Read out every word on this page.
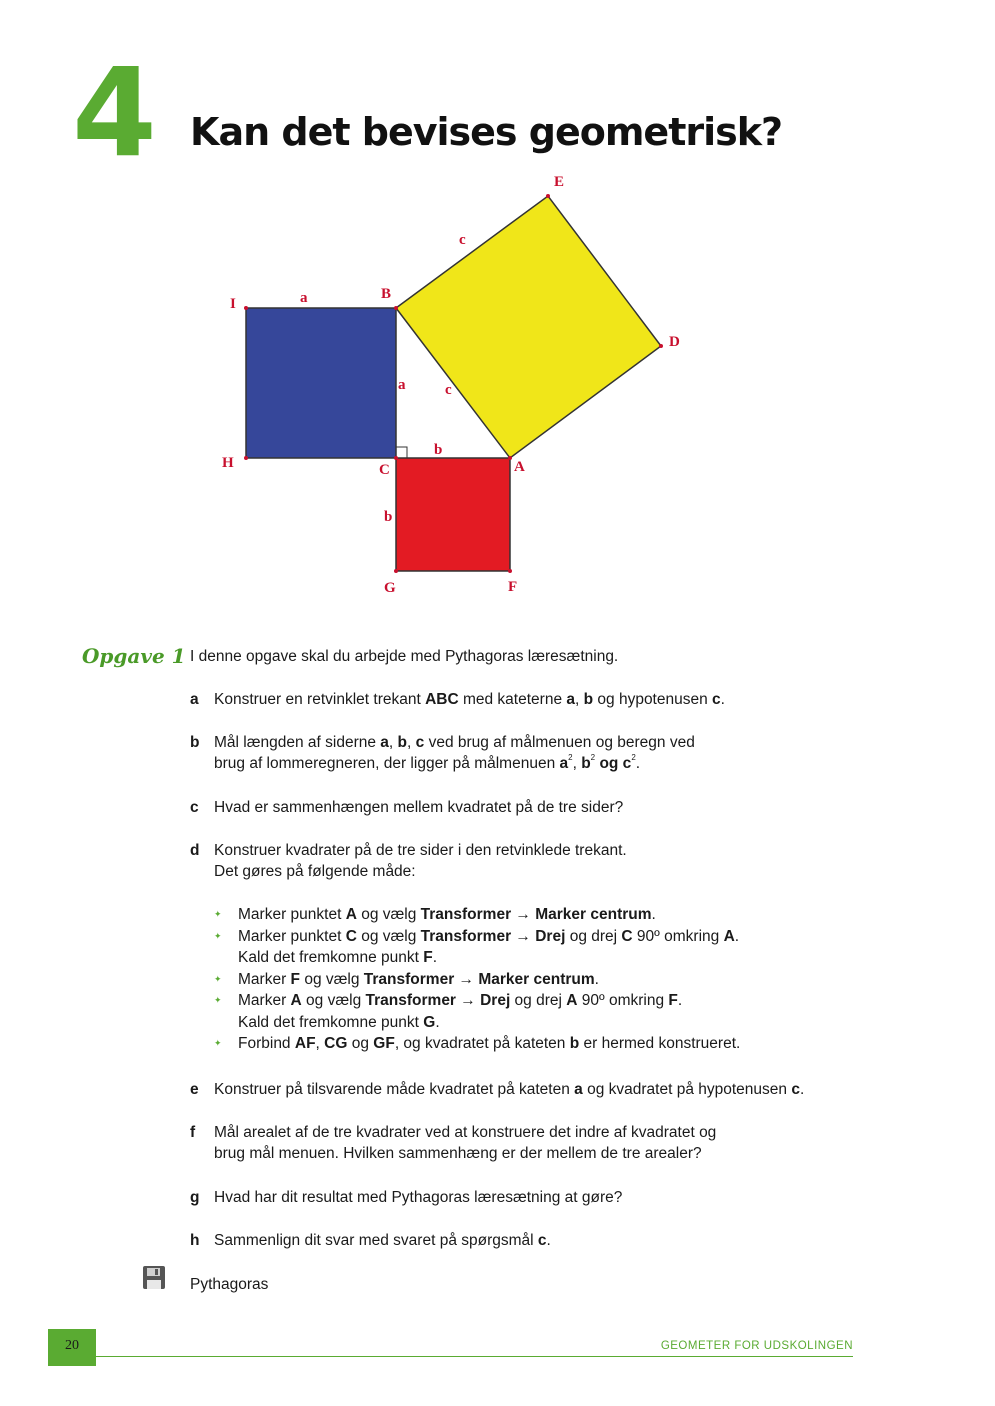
4 Kan det bevises geometrisk?
E
I
B
D
H	C	A
G	F
a
a
b
b
c
c
Opgave 1 I denne opgave skal du arbejde med Pythagoras læresætning.
a Konstruer en retvinklet trekant ABC med kateterne a, b og hypotenusen c.
b Mål længden af siderne a, b, c ved brug af målmenuen og beregn ved
brug af lommeregneren, der ligger på målmenuen $a^2$, $b^2$ og $c^2$.
c Hvad er sammenhængen mellem kvadratet på de tre sider?
d Konstruer kvadrater på de tre sider i den retvinklede trekant.
Det gøres på følgende måde:
✦ Marker punktet A og vælg Transformer → Marker centrum.
✦ Marker punktet C og vælg Transformer → Drej og drej C 90º omkring A.
Kald det fremkomne punkt F.
✦ Marker F og vælg Transformer → Marker centrum.
✦ Marker A og vælg Transformer → Drej og drej A 90º omkring F.
Kald det fremkomne punkt G.
✦ Forbind AF, CG og GF, og kvadratet på kateten b er hermed konstrueret.
e Konstruer på tilsvarende måde kvadratet på kateten a og kvadratet på hypotenusen c.
f Mål arealet af de tre kvadrater ved at konstruere det indre af kvadratet og
brug mål menuen. Hvilken sammenhæng er der mellem de tre arealer?
g Hvad har dit resultat med Pythagoras læresætning at gøre?
h Sammenlign dit svar med svaret på spørgsmål c.
Pythagoras
20	GEOMETER FOR UDSKOLINGEN
